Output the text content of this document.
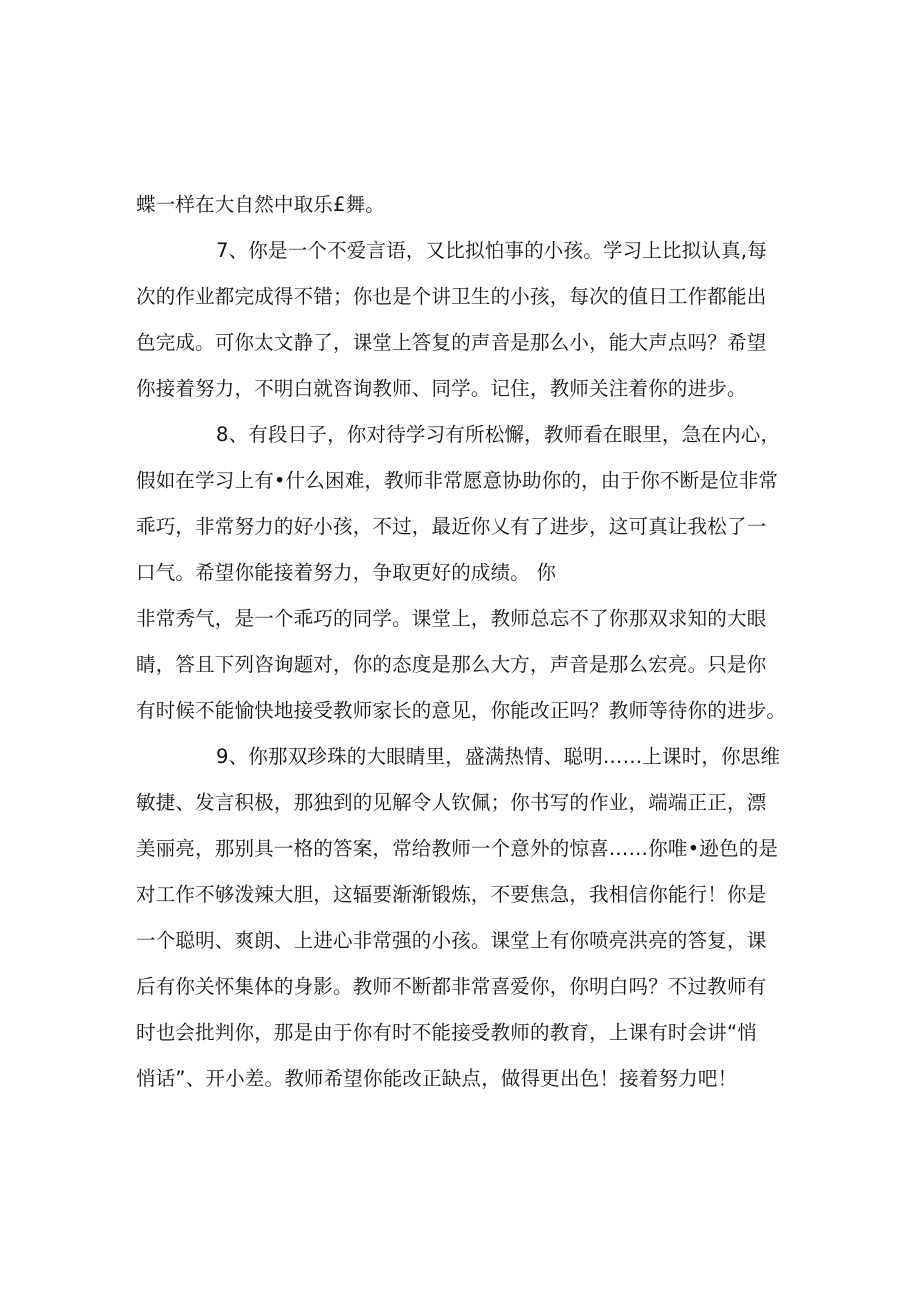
蝶一样在大自然中取乐£舞。
7、你是一个不爱言语，又比拟怕事的小孩。学习上比拟认真,每
次的作业都完成得不错；你也是个讲卫生的小孩，每次的值日工作都能出
色完成。可你太文静了，课堂上答复的声音是那么小，能大声点吗？希望
你接着努力，不明白就咨询教师、同学。记住，教师关注着你的进步。
8、有段日子，你对待学习有所松懈，教师看在眼里，急在内心，
假如在学习上有•什么困难，教师非常愿意协助你的，由于你不断是位非常
乖巧，非常努力的好小孩，不过，最近你乂有了进步，这可真让我松了一
口气。希望你能接着努力，争取更好的成绩。 你
非常秀气，是一个乖巧的同学。课堂上，教师总忘不了你那双求知的大眼
睛，答且下列咨询题对，你的态度是那么大方，声音是那么宏亮。只是你
有时候不能愉快地接受教师家长的意见，你能改正吗？教师等待你的进步。
9、你那双珍珠的大眼睛里，盛满热情、聪明……上课时，你思维
敏捷、发言积极，那独到的见解令人钦佩；你书写的作业，端端正正，漂
美丽亮，那别具一格的答案，常给教师一个意外的惊喜……你唯•逊色的是
对工作不够泼辣大胆，这辐要渐渐锻炼，不要焦急，我相信你能行！你是
一个聪明、爽朗、上进心非常强的小孩。课堂上有你喷亮洪亮的答复，课
后有你关怀集体的身影。教师不断都非常喜爱你，你明白吗？不过教师有
时也会批判你，那是由于你有时不能接受教师的教育，上课有时会讲“悄
悄话”、开小差。教师希望你能改正缺点，做得更出色！接着努力吧！
